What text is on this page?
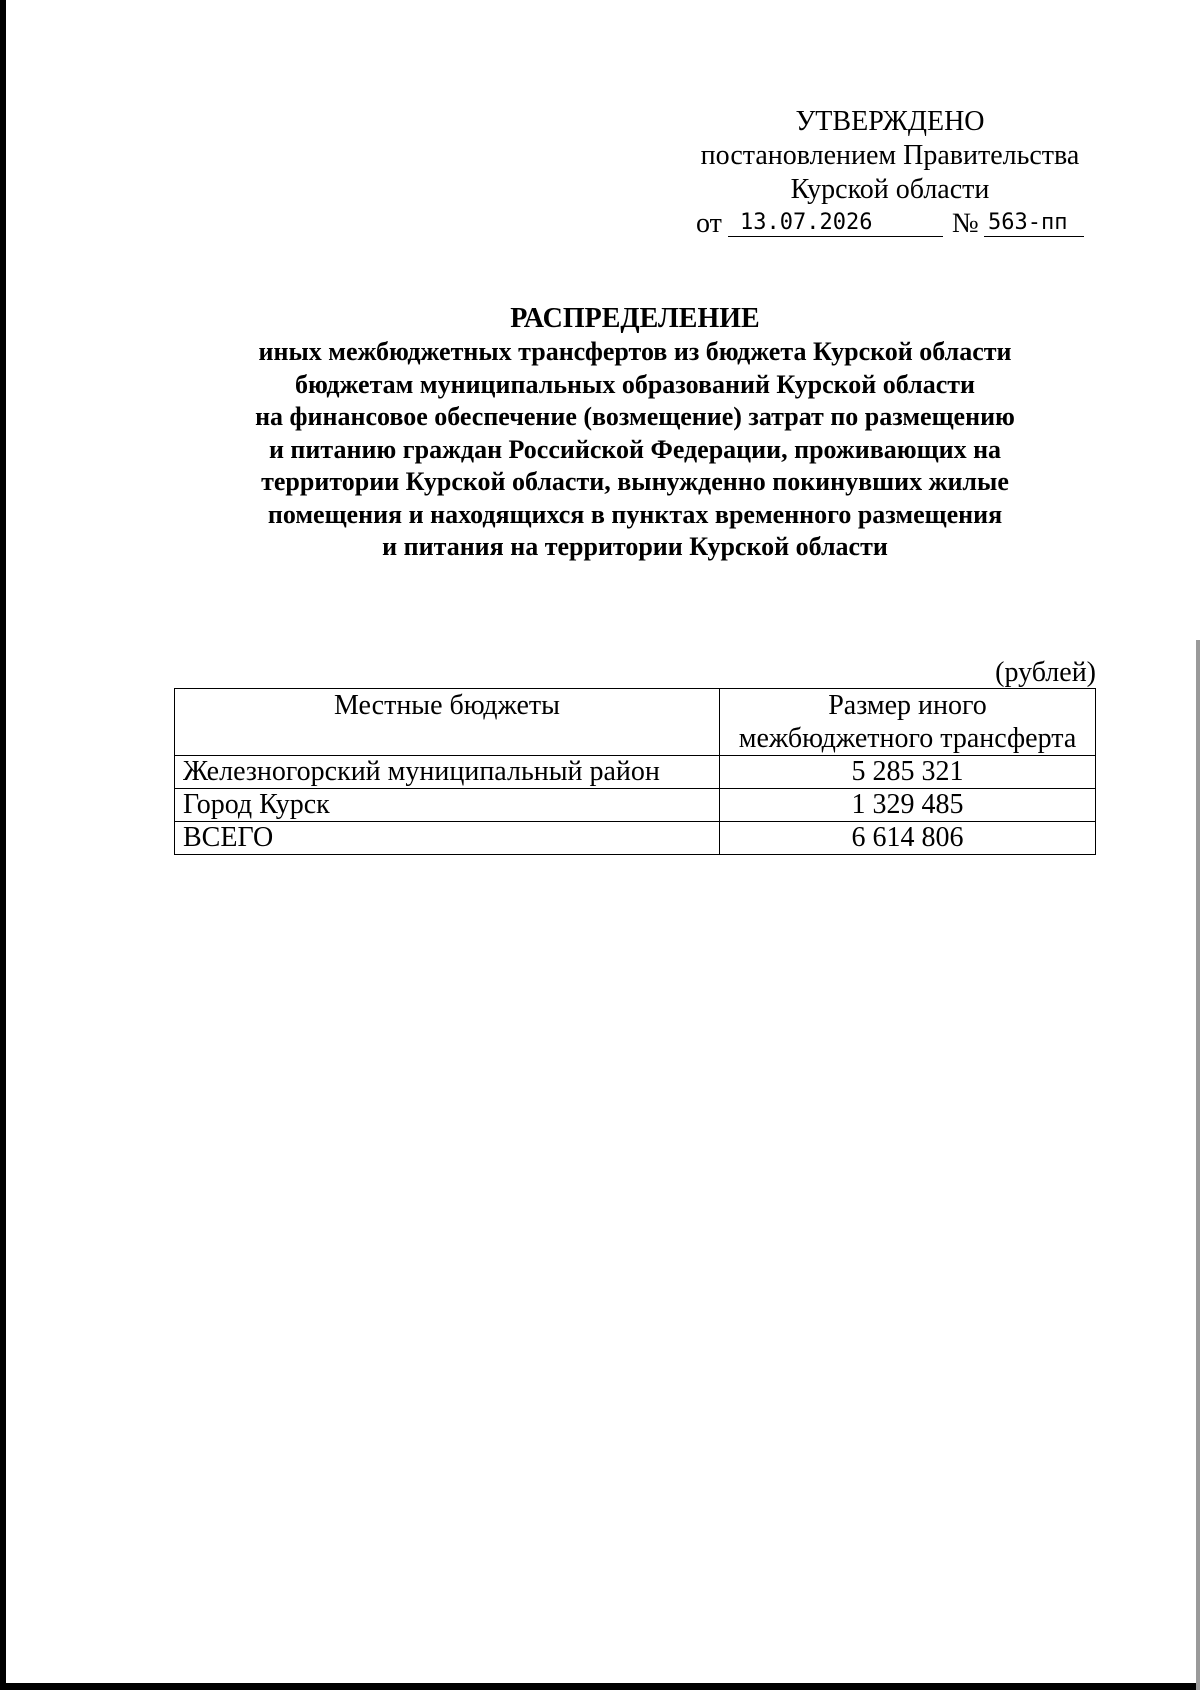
УТВЕРЖДЕНО
постановлением Правительства
Курской области
от 13.07.2026	№ 563-пп
РАСПРЕДЕЛЕНИЕ
иных межбюджетных трансфертов из бюджета Курской области
бюджетам муниципальных образований Курской области
на финансовое обеспечение (возмещение) затрат по размещению
и питанию граждан Российской Федерации, проживающих на
территории Курской области, вынужденно покинувших жилые
помещения и находящихся в пунктах временного размещения
и питания на территории Курской области
(рублей)
Местные бюджеты	Размер иного межбюджетного трансферта
Железногорский муниципальный район	5 285 321
Город Курск	1 329 485
ВСЕГО	6 614 806
